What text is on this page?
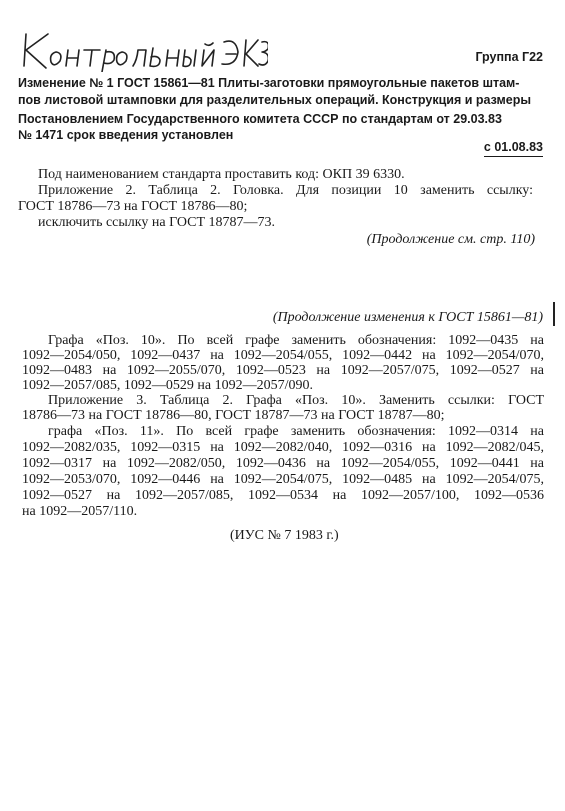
Группа Г22
Изменение № 1 ГОСТ 15861—81 Плиты-заготовки прямоугольные пакетов штам-
пов листовой штамповки для разделительных операций. Конструкция и размеры
Постановлением Государственного комитета СССР по стандартам от 29.03.83
№ 1471 срок введения установлен
с 01.08.83
Под наименованием стандарта проставить код: ОКП 39 6330.
Приложение 2. Таблица 2. Головка. Для позиции 10 заменить ссылку:
ГОСТ 18786—73 на ГОСТ 18786—80;
исключить ссылку на ГОСТ 18787—73.
(Продолжение см. стр. 110)
(Продолжение изменения к ГОСТ 15861—81)
Графа «Поз. 10». По всей графе заменить обозначения: 1092—0435 на
1092—2054/050, 1092—0437 на 1092—2054/055, 1092—0442 на 1092—2054/070,
1092—0483 на 1092—2055/070, 1092—0523 на 1092—2057/075, 1092—0527 на
1092—2057/085, 1092—0529 на 1092—2057/090.
Приложение 3. Таблица 2. Графа «Поз. 10». Заменить ссылки: ГОСТ
18786—73 на ГОСТ 18786—80, ГОСТ 18787—73 на ГОСТ 18787—80;
графа «Поз. 11». По всей графе заменить обозначения: 1092—0314 на
1092—2082/035, 1092—0315 на 1092—2082/040, 1092—0316 на 1092—2082/045,
1092—0317 на 1092—2082/050, 1092—0436 на 1092—2054/055, 1092—0441 на
1092—2053/070, 1092—0446 на 1092—2054/075, 1092—0485 на 1092—2054/075,
1092—0527 на 1092—2057/085, 1092—0534 на 1092—2057/100, 1092—0536
на 1092—2057/110.
(ИУС № 7 1983 г.)
